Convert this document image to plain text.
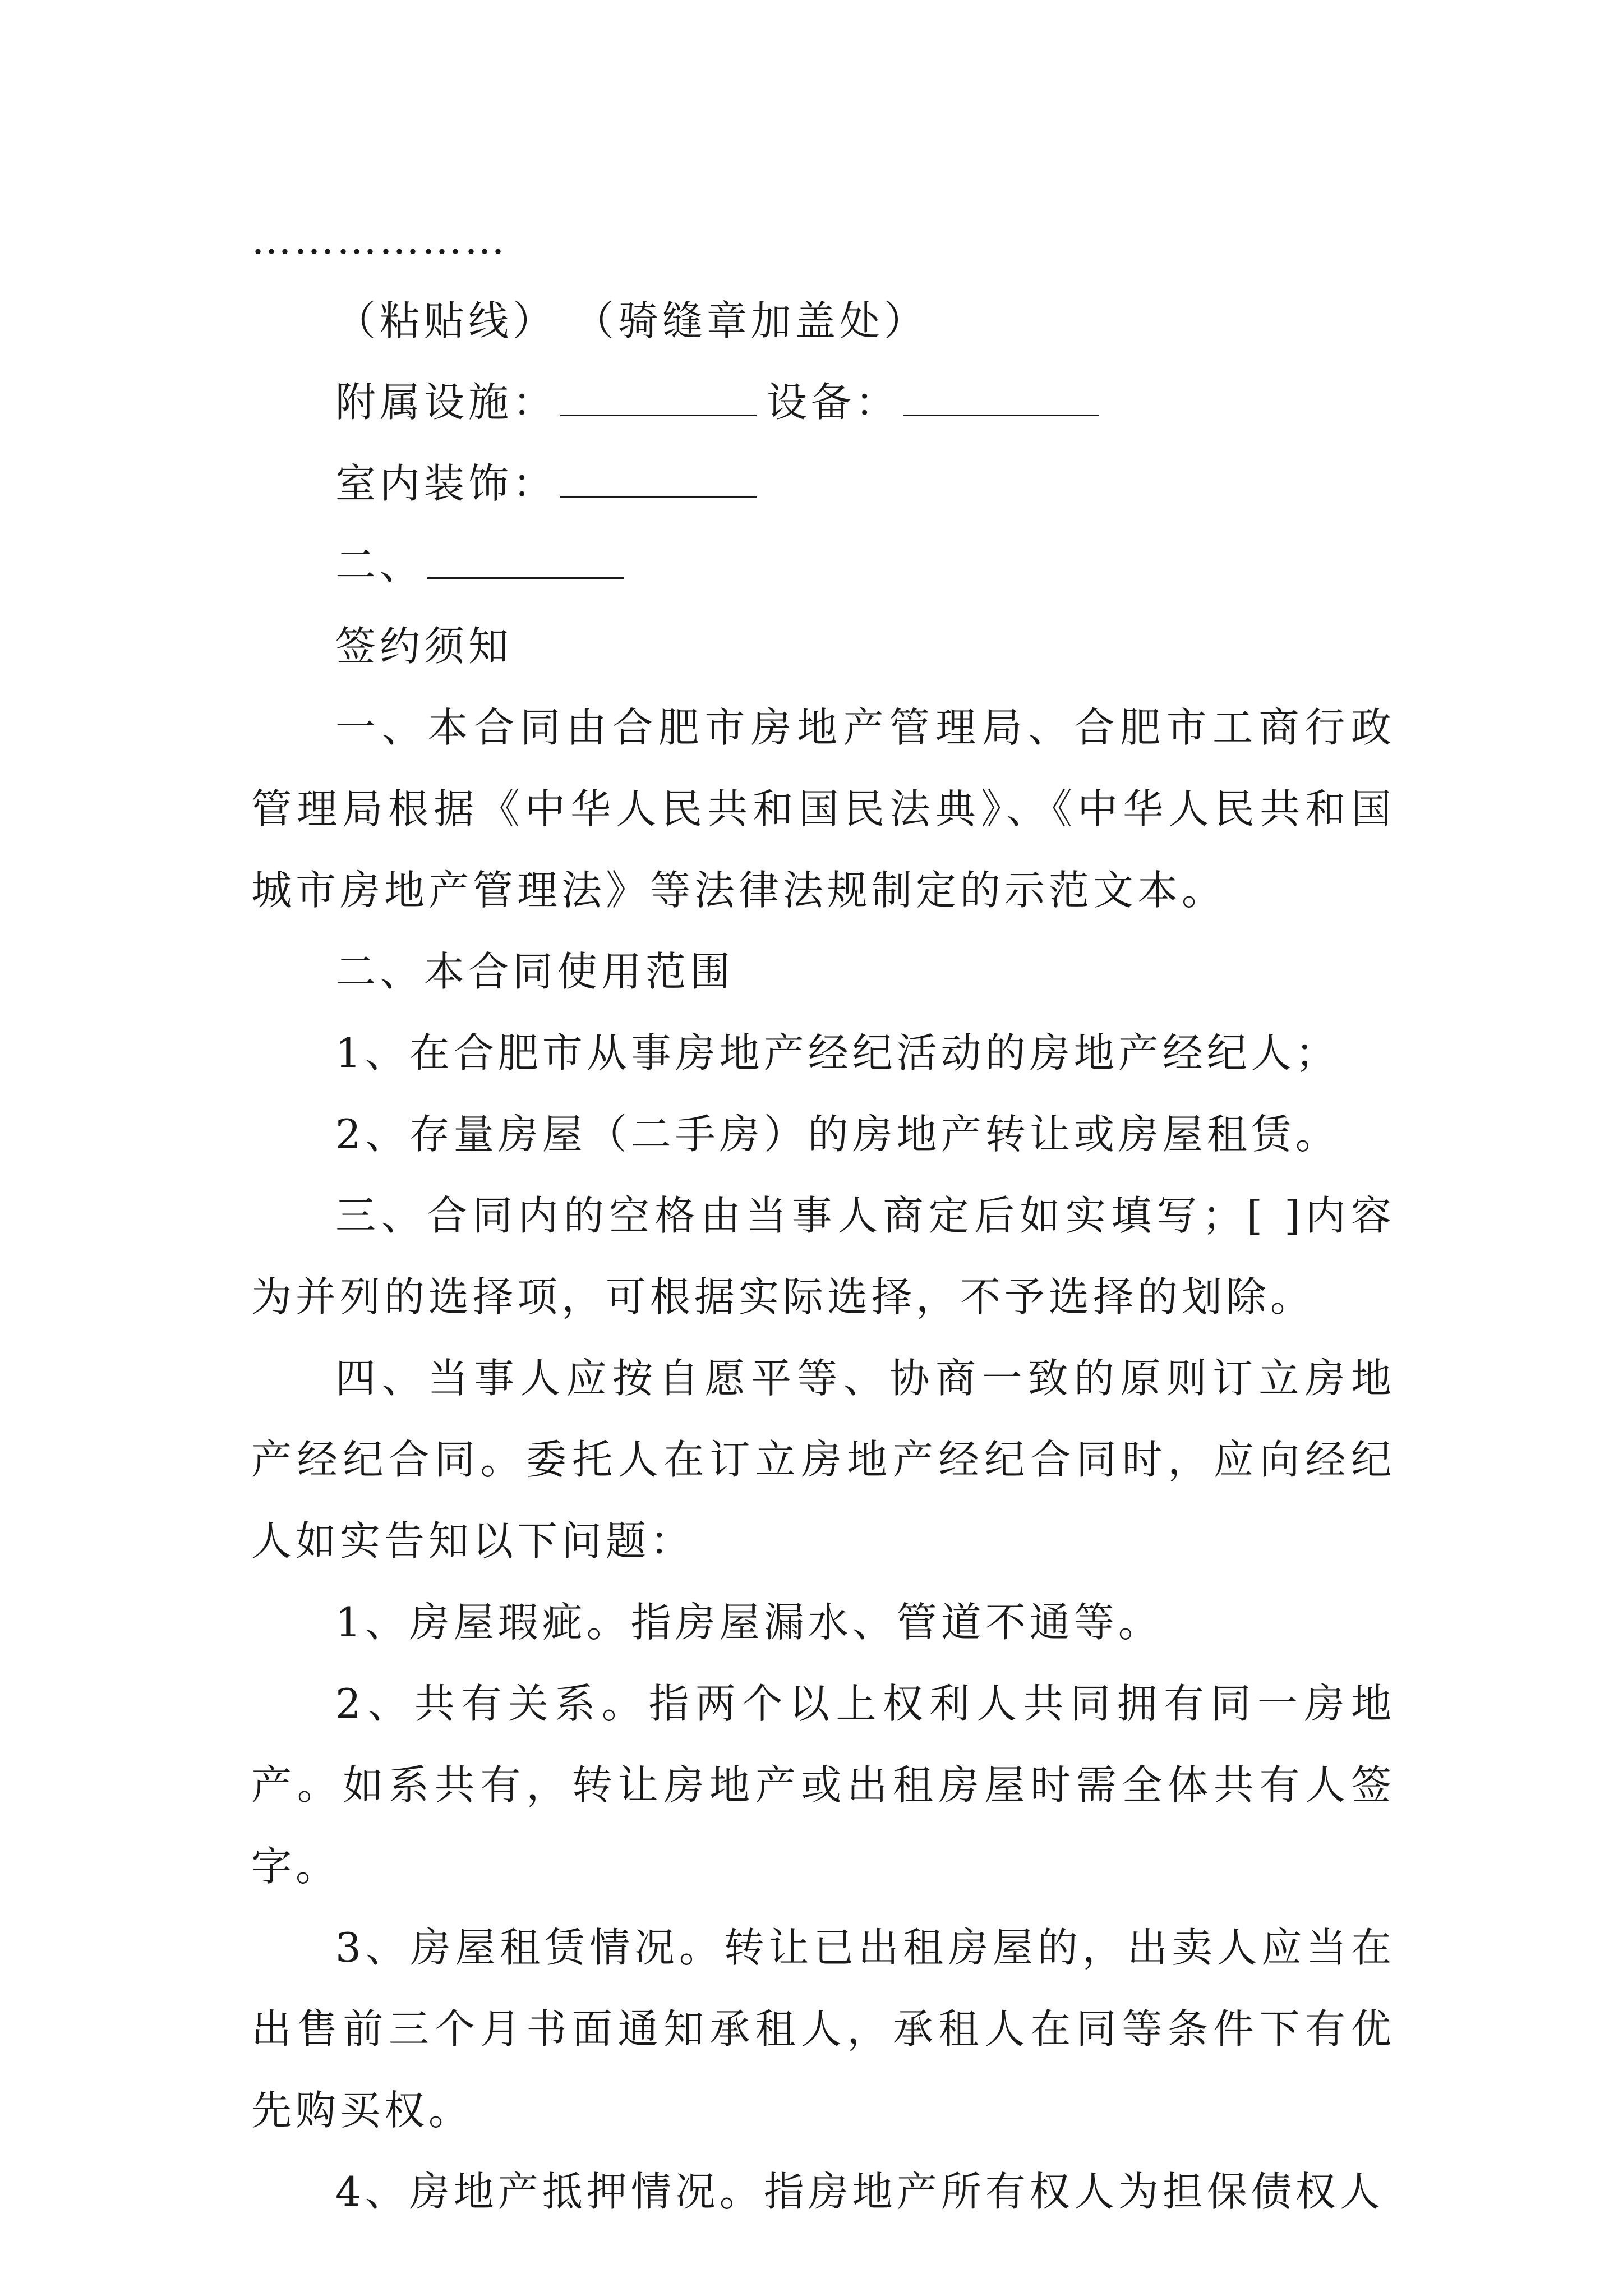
………………
（粘贴线） （骑缝章加盖处）
附属设施：	设备：
室内装饰：
二、
签约须知
一、本合同由合肥市房地产管理局、合肥市工商行政管理局根据《中华人民共和国民法典》、《中华人民共和国城市房地产管理法》等法律法规制定的示范文本。
二、本合同使用范围
1、在合肥市从事房地产经纪活动的房地产经纪人；
2、存量房屋（二手房）的房地产转让或房屋租赁。
三、合同内的空格由当事人商定后如实填写；[ ]内容为并列的选择项，可根据实际选择，不予选择的划除。
四、当事人应按自愿平等、协商一致的原则订立房地产经纪合同。委托人在订立房地产经纪合同时，应向经纪人如实告知以下问题：
1、房屋瑕疵。指房屋漏水、管道不通等。
2、共有关系。指两个以上权利人共同拥有同一房地产。如系共有，转让房地产或出租房屋时需全体共有人签字。
3、房屋租赁情况。转让已出租房屋的，出卖人应当在出售前三个月书面通知承租人，承租人在同等条件下有优先购买权。
4、房地产抵押情况。指房地产所有权人为担保债权人
